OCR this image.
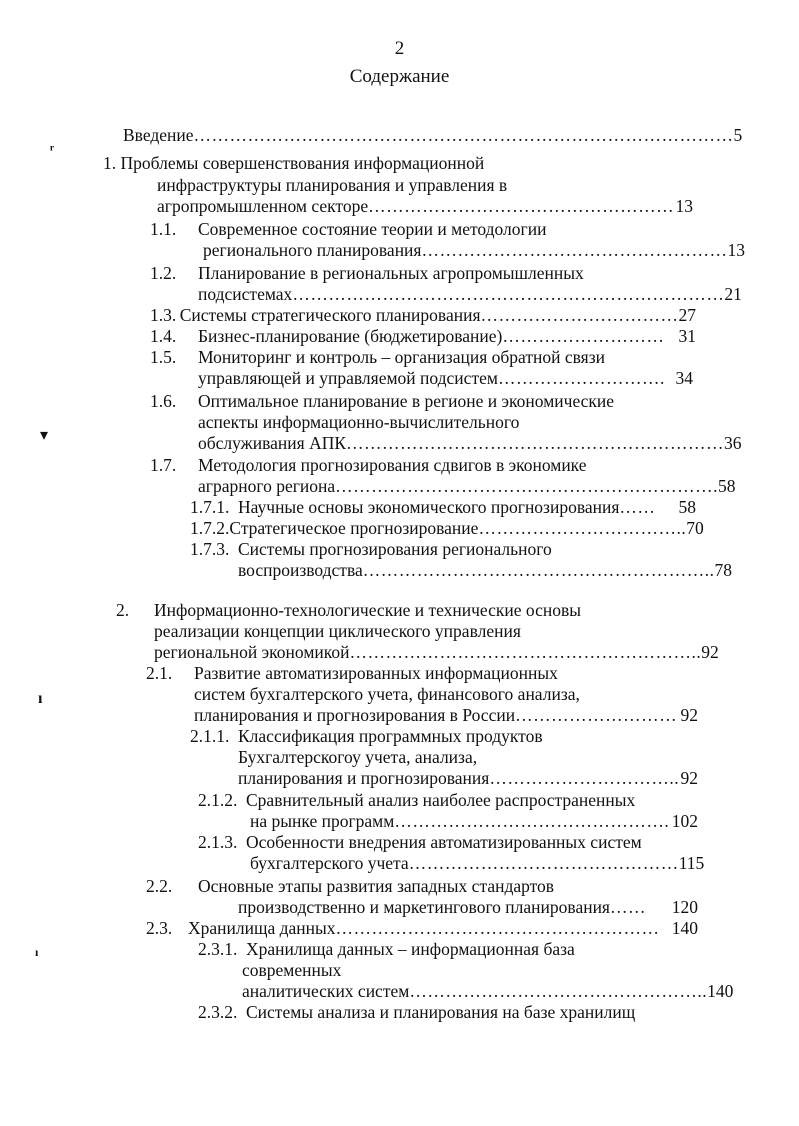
2
Содержание
Введение ……………………………………………………………………………… 5
1. Проблемы совершенствования информационной
инфраструктуры планирования и управления в
агропромышленном секторе …………………………………………… 13
1.1.	Современное состояние теории и методологии
регионального планирования …………………………………………… 13
1.2.	Планирование в региональных агропромышленных
подсистемах ……………………………………………………………… 21
1.3. Системы стратегического планирования …………………………… 27
1.4.	Бизнес-планирование (бюджетирование) ……………………… 31
1.5.	Мониторинг и контроль – организация обратной связи
управляющей и управляемой подсистем ………………………. 34
1.6.	Оптимальное планирование в регионе и экономические
аспекты информационно-вычислительного
обслуживания АПК ……………………………………………………… 36
1.7.	Методология прогнозирования сдвигов в экономике
аграрного региона ………………………………………………………. 58
1.7.1. Научные основы экономического прогнозирования ……	58
1.7.2. Стратегическое прогнозирование …………………………….. 70
1.7.3. Системы прогнозирования регионального
воспроизводства ………………………………………………….. 78
2.	Информационно-технологические и технические основы
реализации концепции циклического управления
региональной экономикой ………………………………………………….. 92
2.1.	Развитие автоматизированных информационных
систем бухгалтерского учета, финансового анализа,
планирования и прогнозирования в России ……………………… 92
2.1.1. Классификация программных продуктов
Бухгалтерскогоу учета, анализа,
планирования и прогнозирования ………………………….. 92
2.1.2. Сравнительный анализ наиболее распространенных
на рынке программ ………………………………………. 102
2.1.3. Особенности внедрения автоматизированных систем
бухгалтерского учета ……………………………………… 115
2.2.	Основные этапы развития западных стандартов
производственно и маркетингового планирования ……	120
2.3. Хранилища данных ……………………………………………… 140
2.3.1. Хранилища данных – информационная база
современных
аналитических систем ………………………………………….. 140
2.3.2. Системы анализа и планирования на базе хранилищ
ʳ
▾
ı
ı
